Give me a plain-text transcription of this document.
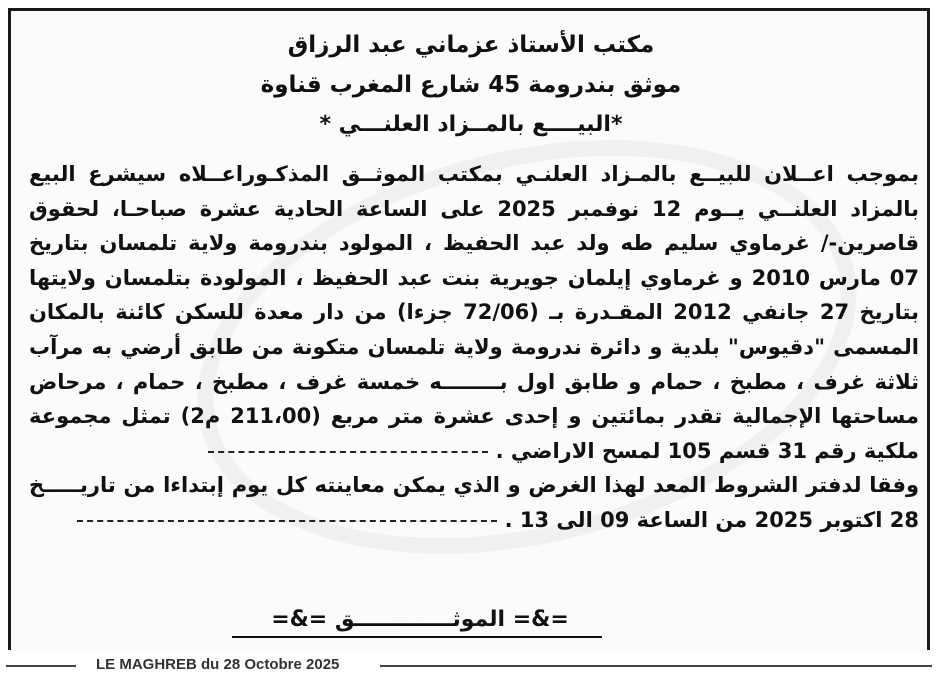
مكتب الأستاذ عزماني عبد الرزاق
موثق بندرومة 45 شارع المغرب قناوة
*البيــــع بالمــزاد العلنـــي *
بموجب اعــلان للبيــع بالمـزاد العلنـي بمكتب الموثــق المذكـوراعــلاه سيشرع البيع
بالمزاد العلنــي يــوم 12 نوفمبر 2025 على الساعة الحادية عشرة صباحـا، لحقوق
قاصرين-/ غرماوي سليم طه ولد عبد الحفيظ ، المولود بندرومة ولاية تلمسان بتاريخ
07 مارس 2010 و غرماوي إيلمان جويرية بنت عبد الحفيظ ، المولودة بتلمسان ولايتها
بتاريخ 27 جانفي 2012 المقـدرة بـ (72/06 جزءا) من دار معدة للسكن كائنة بالمكان
المسمى "دقيوس" بلدية و دائرة ندرومة ولاية تلمسان متكونة من طابق أرضي به مرآب
ثلاثة غرف ، مطبخ ، حمام و طابق اول بــــــــه خمسة غرف ، مطبخ ، حمام ، مرحاض
مساحتها الإجمالية تقدر بمائتين و إحدى عشرة متر مربع (211،00 م2) تمثل مجموعة
ملكية رقم 31 قسم 105 لمسح الاراضي .
وفقا لدفتر الشروط المعد لهذا الغرض و الذي يمكن معاينته كل يوم إبتداءا من تاريـــــخ
28 اكتوبر 2025 من الساعة 09 الى 13 .
=&= الموثـــــــــــــق =&=
LE MAGHREB du 28 Octobre 2025
